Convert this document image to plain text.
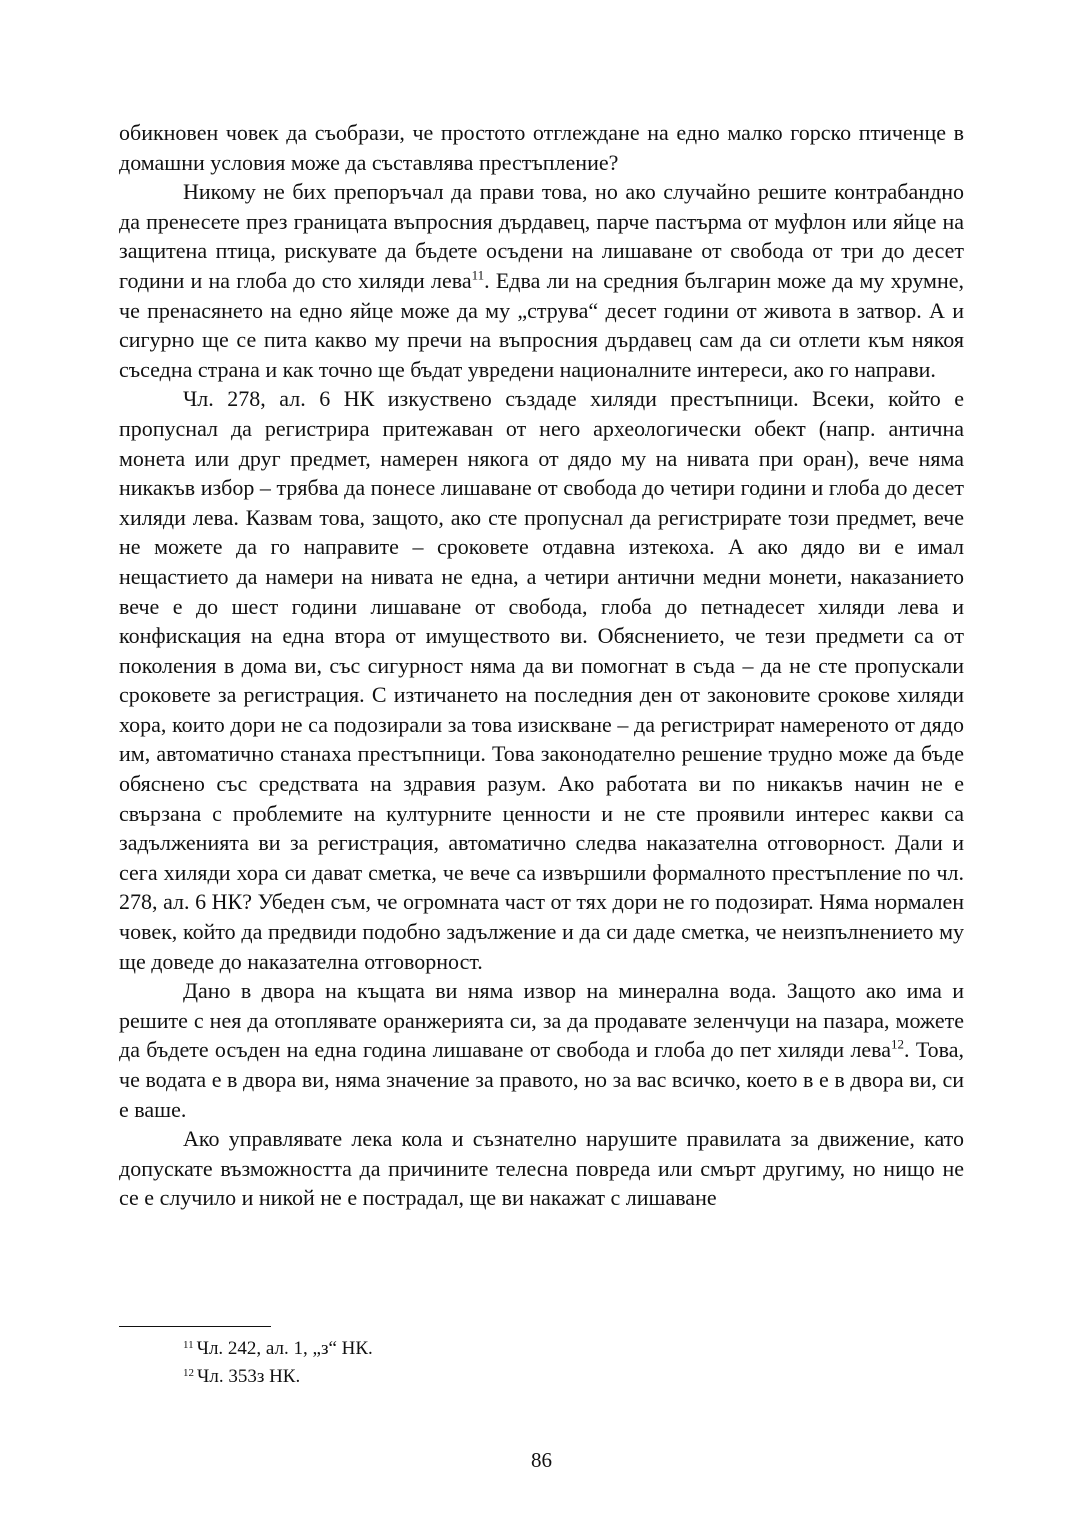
обикновен човек да съобрази, че простото отглеждане на едно малко горско птиченце в домашни условия може да съставлява престъпление?

Никому не бих препоръчал да прави това, но ако случайно решите контрабандно да пренесете през границата въпросния дърдавец, парче пастърма от муфлон или яйце на защитена птица, рискувате да бъдете осъдени на лишаване от свобода от три до десет години и на глоба до сто хиляди лева$^{11}$. Едва ли на средния българин може да му хрумне, че пренасянето на едно яйце може да му „струва“ десет години от живота в затвор. А и сигурно ще се пита какво му пречи на въпросния дърдавец сам да си отлети към някоя съседна страна и как точно ще бъдат увредени националните интереси, ако го направи.

Чл. 278, ал. 6 НК изкуствено създаде хиляди престъпници. Всеки, който е пропуснал да регистрира притежаван от него археологически обект (напр. антична монета или друг предмет, намерен някога от дядо му на нивата при оран), вече няма никакъв избор – трябва да понесе лишаване от свобода до четири години и глоба до десет хиляди лева. Казвам това, защото, ако сте пропуснал да регистрирате този предмет, вече не можете да го направите – сроковете отдавна изтекоха. А ако дядо ви е имал нещастието да намери на нивата не една, а четири антични медни монети, наказанието вече е до шест години лишаване от свобода, глоба до петнадесет хиляди лева и конфискация на една втора от имуществото ви. Обяснението, че тези предмети са от поколения в дома ви, със сигурност няма да ви помогнат в съда – да не сте пропускали сроковете за регистрация. С изтичането на последния ден от законовите срокове хиляди хора, които дори не са подозирали за това изискване – да регистрират намереното от дядо им, автоматично станаха престъпници. Това законодателно решение трудно може да бъде обяснено със средствата на здравия разум. Ако работата ви по никакъв начин не е свързана с проблемите на културните ценности и не сте проявили интерес какви са задълженията ви за регистрация, автоматично следва наказателна отговорност. Дали и сега хиляди хора си дават сметка, че вече са извършили формалното престъпление по чл. 278, ал. 6 НК? Убеден съм, че огромната част от тях дори не го подозират. Няма нормален човек, който да предвиди подобно задължение и да си даде сметка, че неизпълнението му ще доведе до наказателна отговорност.

Дано в двора на къщата ви няма извор на минерална вода. Защото ако има и решите с нея да отоплявате оранжерията си, за да продавате зеленчуци на пазара, можете да бъдете осъден на една година лишаване от свобода и глоба до пет хиляди лева$^{12}$. Това, че водата е в двора ви, няма значение за правото, но за вас всичко, което в е в двора ви, си е ваше.

Ако управлявате лека кола и съзнателно нарушите правилата за движение, като допускате възможността да причините телесна повреда или смърт другиму, но нищо не се е случило и никой не е пострадал, ще ви накажат с лишаване

$^{11}$ Чл. 242, ал. 1, „з“ НК.

$^{12}$ Чл. 353з НК.

86
